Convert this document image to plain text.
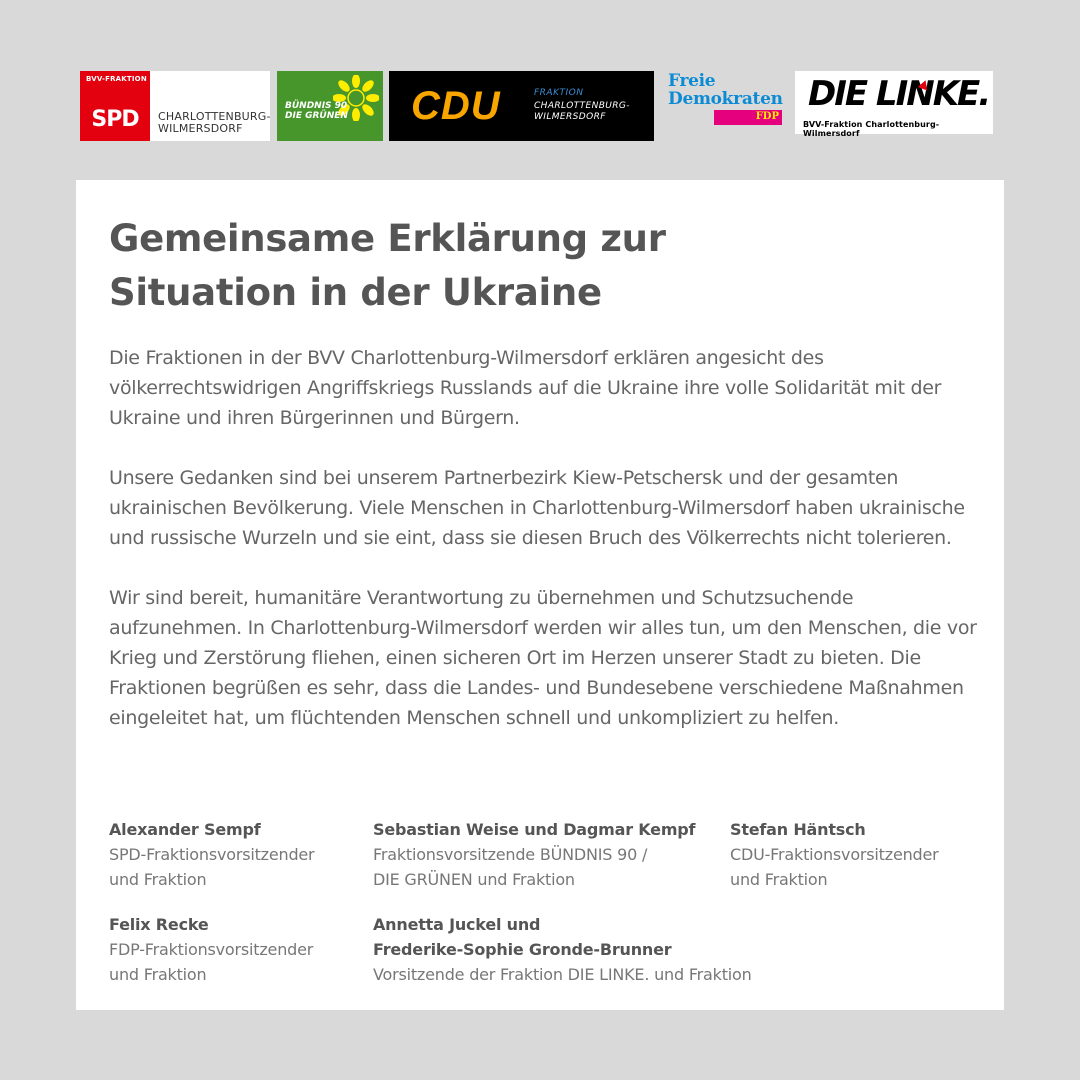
BVV-FRAKTION
SPD	CHARLOTTENBURG-
WILMERSDORF
BÜNDNIS 90
DIE GRÜNEN CDU	FRAKTION
CHARLOTTENBURG-
WILMERSDORF
Freie
Demokraten
FDP
DIE LINKE.
BVV-Fraktion Charlottenburg-Wilmersdorf
Gemeinsame Erklärung zur
Situation in der Ukraine

Die Fraktionen in der BVV Charlottenburg-Wilmersdorf erklären angesicht des völkerrechtswidrigen Angriffskriegs Russlands auf die Ukraine ihre volle Solidarität mit der Ukraine und ihren Bürgerinnen und Bürgern.

Unsere Gedanken sind bei unserem Partnerbezirk Kiew-Petschersk und der gesamten ukrainischen Bevölkerung. Viele Menschen in Charlottenburg-Wilmersdorf haben ukrainische und russische Wurzeln und sie eint, dass sie diesen Bruch des Völkerrechts nicht tolerieren.

Wir sind bereit, humanitäre Verantwortung zu übernehmen und Schutzsuchende aufzunehmen. In Charlottenburg-Wilmersdorf werden wir alles tun, um den Menschen, die vor Krieg und Zerstörung fliehen, einen sicheren Ort im Herzen unserer Stadt zu bieten. Die Fraktionen begrüßen es sehr, dass die Landes- und Bundesebene verschiedene Maßnahmen eingeleitet hat, um flüchtenden Menschen schnell und unkompliziert zu helfen.

Alexander Sempf
SPD-Fraktionsvorsitzender
und Fraktion
Sebastian Weise und Dagmar Kempf
Fraktionsvorsitzende BÜNDNIS 90 /
DIE GRÜNEN und Fraktion
Stefan Häntsch
CDU-Fraktionsvorsitzender
und Fraktion
Felix Recke
FDP-Fraktionsvorsitzender
und Fraktion
Annetta Juckel und
Frederike-Sophie Gronde-Brunner
Vorsitzende der Fraktion DIE LINKE. und Fraktion
